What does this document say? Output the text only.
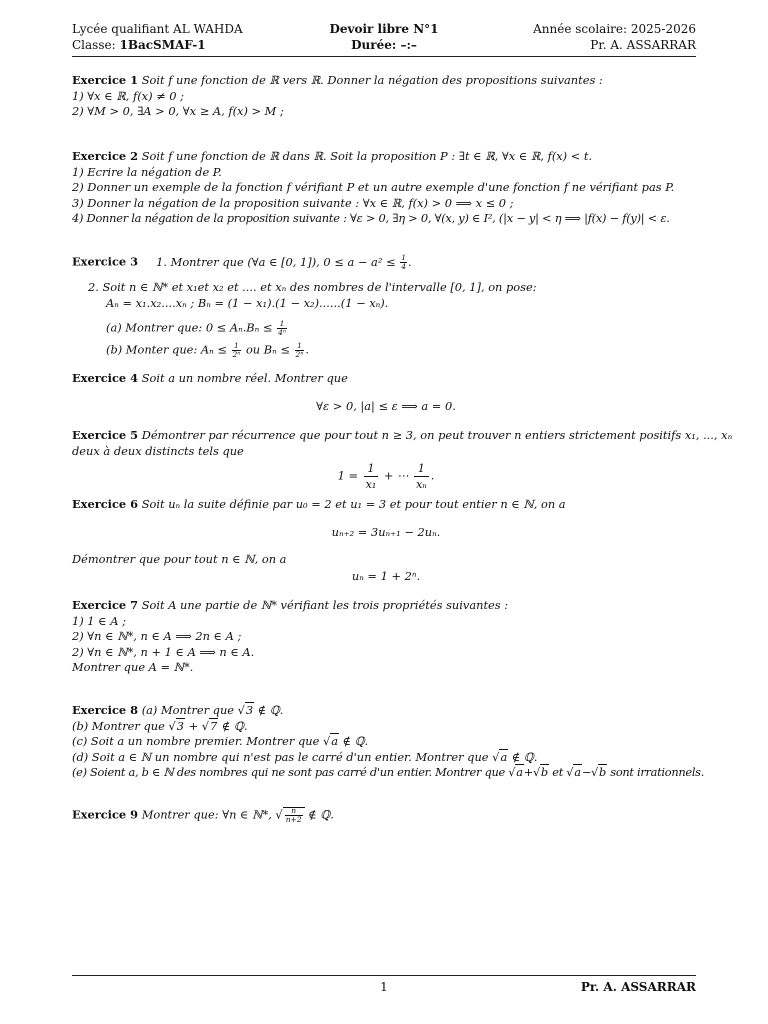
Lycée qualifiant AL WAHDA	Devoir libre N°1	Année scolaire: 2025-2026
Classe: 1BacSMAF-1	Durée: –:–	Pr. A. ASSARRAR
Exercice 1 Soit f une fonction de ℝ vers ℝ. Donner la négation des propositions suivantes :
1) ∀x ∈ ℝ, f(x) ≠ 0 ;
2) ∀M > 0, ∃A > 0, ∀x ≥ A, f(x) > M ;
Exercice 2 Soit f une fonction de ℝ dans ℝ. Soit la proposition P : ∃t ∈ ℝ, ∀x ∈ ℝ, f(x) < t.
1) Ecrire la négation de P.
2) Donner un exemple de la fonction f vérifiant P et un autre exemple d'une fonction f ne vérifiant pas P.
3) Donner la négation de la proposition suivante : ∀x ∈ ℝ, f(x) > 0 ⟹ x ≤ 0 ;
4) Donner la négation de la proposition suivante : ∀ε > 0, ∃η > 0, ∀(x, y) ∈ I², (|x − y| < η ⟹ |f(x) − f(y)| < ε.
Exercice 3 1. Montrer que (∀a ∈ [0, 1]), $0 \le a - a^2 \le \frac{1}{4}$ .
2. Soit n ∈ ℕ* et x₁et x₂ et .... et xₙ des nombres de l'intervalle [0, 1], on pose:
Aₙ = x₁.x₂....xₙ ; Bₙ = (1 − x₁).(1 − x₂)......(1 − xₙ).
(a) Montrer que: $0 \le A_n.B_n \le \frac{1}{\text{4ⁿ}}$
(b) Monter que: $A_n \le \frac{1}{\text{2ⁿ}}$ ou $B_n \le \frac{1}{\text{2ⁿ}}$ .
Exercice 4 Soit a un nombre réel. Montrer que
∀ε > 0, |a| ≤ ε ⟹ a = 0.
Exercice 5 Démontrer par récurrence que pour tout n ≥ 3, on peut trouver n entiers strictement positifs x₁, ..., xₙ
deux à deux distincts tels que
$1 = \frac{1}{\text{x₁}}$ + ⋯ $\frac{1}{\text{xₙ}}$ .
Exercice 6 Soit uₙ la suite définie par u₀ = 2 et u₁ = 3 et pour tout entier n ∈ ℕ, on a
uₙ₊₂ = 3uₙ₊₁ − 2uₙ.
Démontrer que pour tout n ∈ ℕ, on a
uₙ = 1 + 2ⁿ.
Exercice 7 Soit A une partie de ℕ* vérifiant les trois propriétés suivantes :
1) 1 ∈ A ;
2) ∀n ∈ ℕ*, n ∈ A ⟹ 2n ∈ A ;
2) ∀n ∈ ℕ*, n + 1 ∈ A ⟹ n ∈ A.
Montrer que A = ℕ*.
Exercice 8 (a) Montrer que √3 ∉ ℚ.
(b) Montrer que √3 + √7 ∉ ℚ.
(c) Soit a un nombre premier. Montrer que √a ∉ ℚ.
(d) Soit a ∈ ℕ un nombre qui n'est pas le carré d'un entier. Montrer que √a ∉ ℚ.
(e) Soient a, b ∈ ℕ des nombres qui ne sont pas carré d'un entier. Montrer que √a+√b et √a−√b sont irrationnels.
Exercice 9 Montrer que: ∀n ∈ ℕ*, √ $\frac{n}{n+2}$ ∉ ℚ.
1	Pr. A. ASSARRAR
